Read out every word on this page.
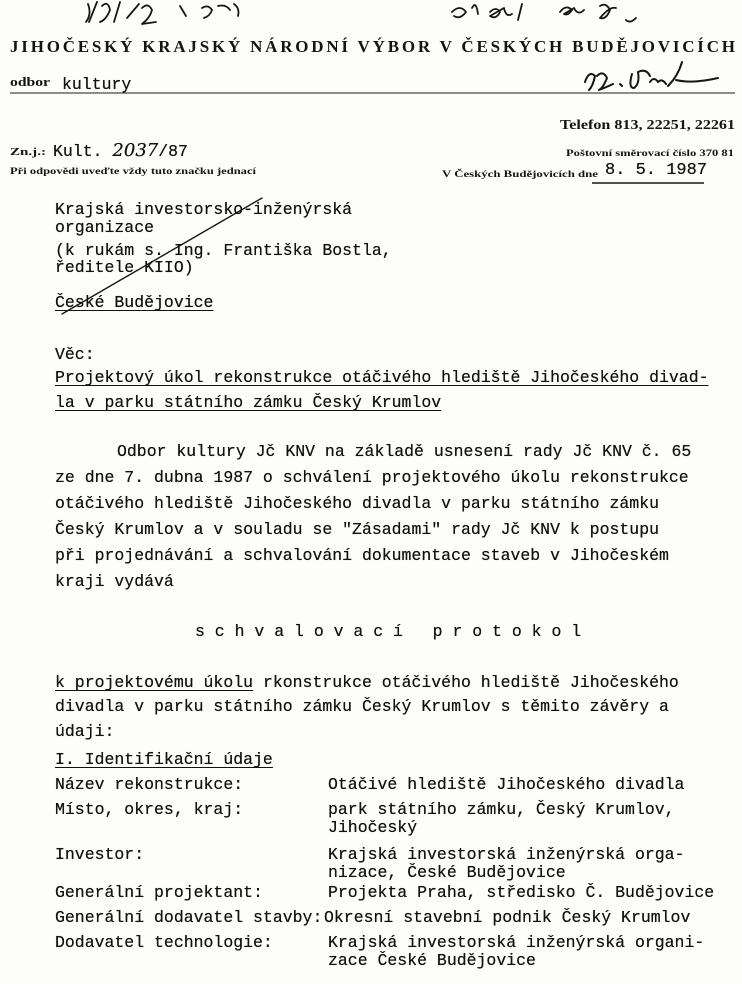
JIHOČESKÝ KRAJSKÝ NÁRODNÍ VÝBOR V ČESKÝCH BUDĚJOVICÍCH
odbor
Telefon 813, 22251, 22261
Zn.j.:	Poštovní směrovací číslo 370 81
Při odpovědi uveďte vždy tuto značku jednací	V Českých Budějovicích dne
kultury
Kult. 2037/87
8. 5. 1987
Krajská investorsko-inženýrská
organizace
(k rukám s. Ing. Františka Bostla,
ředitele KIIO)
České Budějovice
Věc:
Projektový úkol rekonstrukce otáčivého hlediště Jihočeského divad-
la v parku státního zámku Český Krumlov
Odbor kultury Jč KNV na základě usnesení rady Jč KNV č. 65
ze dne 7. dubna 1987 o schválení projektového úkolu rekonstrukce
otáčivého hlediště Jihočeského divadla v parku státního zámku
Český Krumlov a v souladu se "Zásadami" rady Jč KNV k postupu
při projednávání a schvalování dokumentace staveb v Jihočeském
kraji vydává
s c h v a l o v a c í   p r o t o k o l
k projektovému úkolu rkonstrukce otáčivého hlediště Jihočeského
divadla v parku státního zámku Český Krumlov s těmito závěry a
údaji:
I. Identifikační údaje
Název rekonstrukce:	Otáčivé hlediště Jihočeského divadla
Místo, okres, kraj:	park státního zámku, Český Krumlov,
Jihočeský
Investor:	Krajská investorská inženýrská orga-
nizace, České Budějovice
Generální projektant:	Projekta Praha, středisko Č. Budějovice
Generální dodavatel stavby: Okresní stavební podnik Český Krumlov
Dodavatel technologie:	Krajská investorská inženýrská organi-
zace České Budějovice
